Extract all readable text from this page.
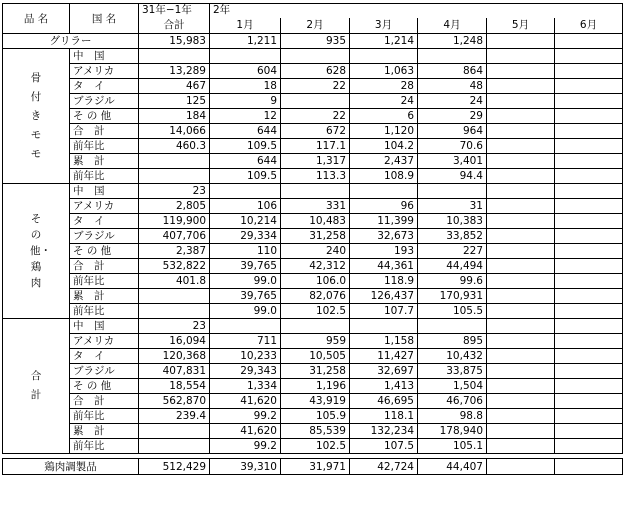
品 名	国 名	31年−1年	2年					
		合計	1月	2月	3月	4月	5月	6月
グリラー		15,983	1,211	935	1,214	1,248		
骨付きモモ	中　国							
	アメリカ	13,289	604	628	1,063	864		
	タ　イ	467	18	22	28	48		
	ブラジル	125	9		24	24		
	そ の 他	184	12	22	6	29		
	合　計	14,066	644	672	1,120	964		
	前年比	460.3	109.5	117.1	104.2	70.6		
	累　計		644	1,317	2,437	3,401		
	前年比		109.5	113.3	108.9	94.4		
その他・鶏肉	中　国	23						
	アメリカ	2,805	106	331	96	31		
	タ　イ	119,900	10,214	10,483	11,399	10,383		
	ブラジル	407,706	29,334	31,258	32,673	33,852		
	そ の 他	2,387	110	240	193	227		
	合　計	532,822	39,765	42,312	44,361	44,494		
	前年比	401.8	99.0	106.0	118.9	99.6		
	累　計		39,765	82,076	126,437	170,931		
	前年比		99.0	102.5	107.7	105.5		
合計	中　国	23						
	アメリカ	16,094	711	959	1,158	895		
	タ　イ	120,368	10,233	10,505	11,427	10,432		
	ブラジル	407,831	29,343	31,258	32,697	33,875		
	そ の 他	18,554	1,334	1,196	1,413	1,504		
	合　計	562,870	41,620	43,919	46,695	46,706		
	前年比	239.4	99.2	105.9	118.1	98.8		
	累　計		41,620	85,539	132,234	178,940		
	前年比		99.2	102.5	107.5	105.1		

鶏肉調製品		512,429	39,310	31,971	42,724	44,407		
